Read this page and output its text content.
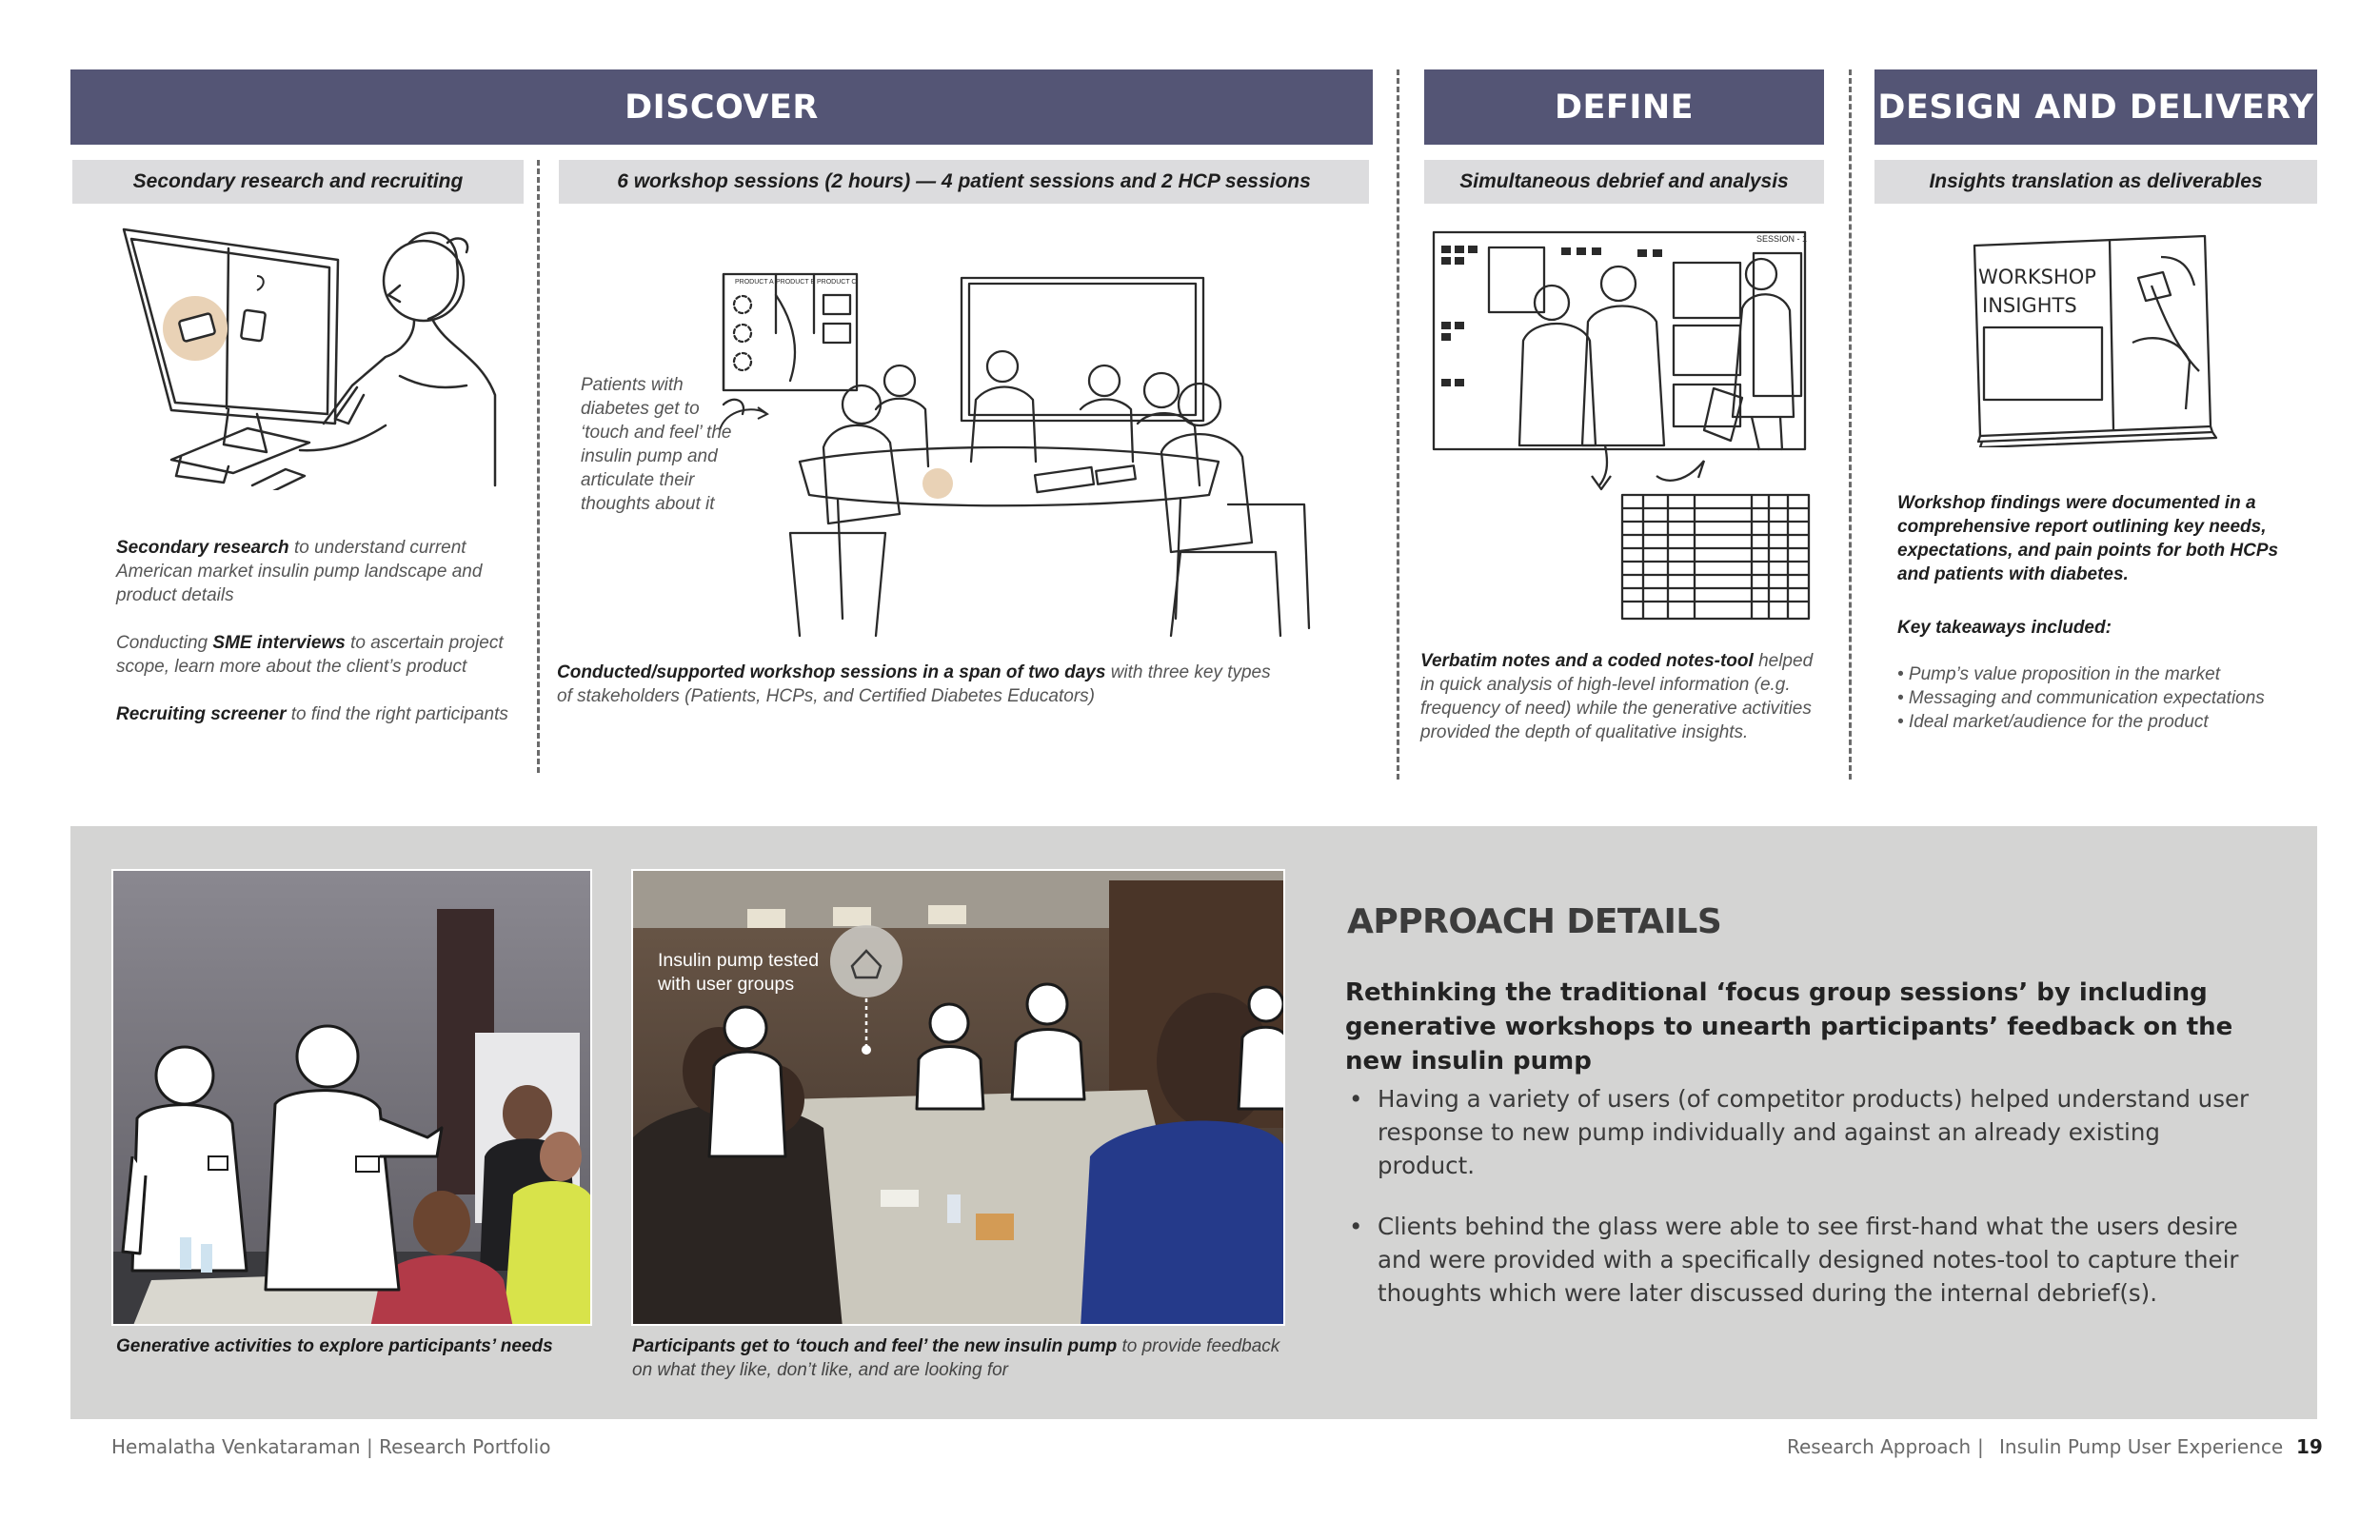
DISCOVER	DEFINE	DESIGN AND DELIVERY
Secondary research and recruiting	6 workshop sessions (2 hours) — 4 patient sessions and 2 HCP sessions	Simultaneous debrief and analysis	Insights translation as deliverables
PRODUCT A PRODUCT B PRODUCT C
SESSION - 1
WORKSHOP
INSIGHTS
Secondary research to understand current American market insulin pump landscape and product details
Conducting SME interviews to ascertain project scope, learn more about the client’s product
Recruiting screener to find the right participants
Patients with diabetes get to ‘touch and feel’ the insulin pump and articulate their thoughts about it
Conducted/supported workshop sessions in a span of two days with three key types of stakeholders (Patients, HCPs, and Certified Diabetes Educators)
Verbatim notes and a coded notes-tool helped in quick analysis of high-level information (e.g. frequency of need) while the generative activities provided the depth of qualitative insights.
Workshop findings were documented in a comprehensive report outlining key needs, expectations, and pain points for both HCPs and patients with diabetes.
Key takeaways included:
• Pump’s value proposition in the market
• Messaging and communication expectations
• Ideal market/audience for the product
Generative activities to explore participants’ needs
Insulin pump tested with user groups
Participants get to ‘touch and feel’ the new insulin pump to provide feedback on what they like, don’t like, and are looking for
APPROACH DETAILS
Rethinking the traditional ‘focus group sessions’ by including generative workshops to unearth participants’ feedback on the new insulin pump
• Having a variety of users (of competitor products) helped understand user response to new pump individually and against an already existing product.
• Clients behind the glass were able to see first-hand what the users desire and were provided with a specifically designed notes-tool to capture their thoughts which were later discussed during the internal debrief(s).
Hemalatha Venkataraman | Research Portfolio	Research Approach | Insulin Pump User Experience 19
